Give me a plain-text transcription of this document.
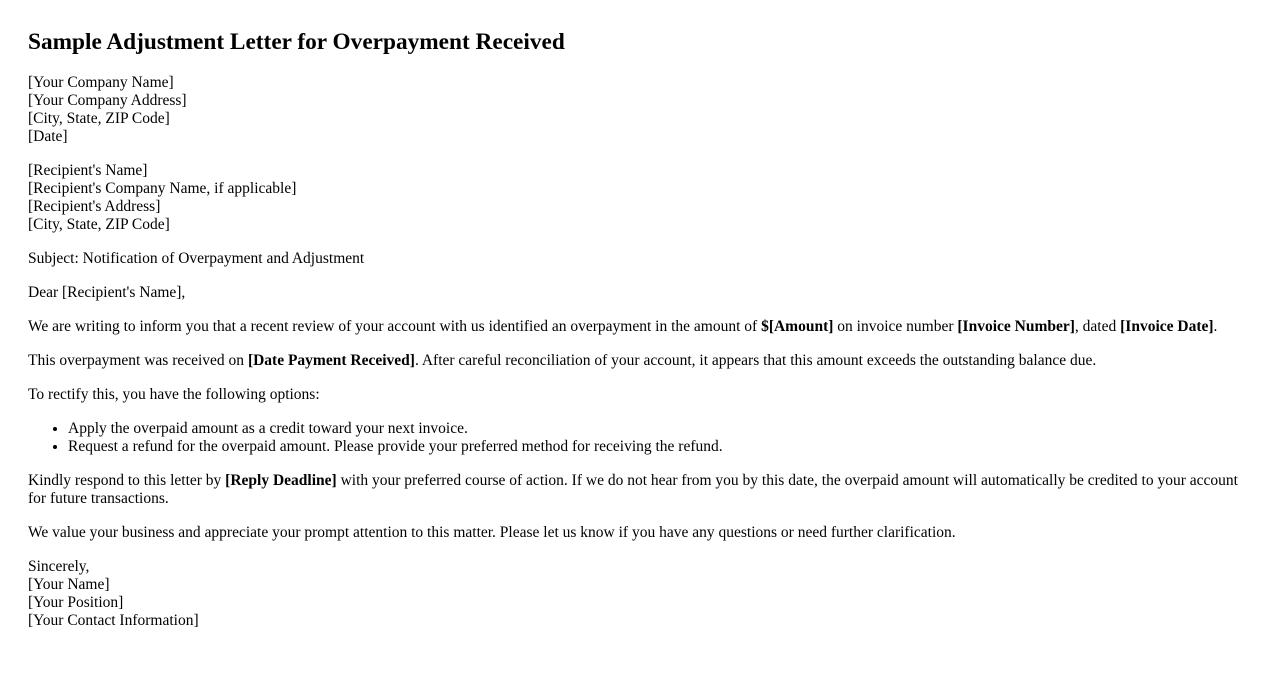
Sample Adjustment Letter for Overpayment Received
[Your Company Name]
[Your Company Address]
[City, State, ZIP Code]
[Date]
[Recipient's Name]
[Recipient's Company Name, if applicable]
[Recipient's Address]
[City, State, ZIP Code]

Subject: Notification of Overpayment and Adjustment

Dear [Recipient's Name],

We are writing to inform you that a recent review of your account with us identified an overpayment in the amount of $[Amount] on invoice number [Invoice Number], dated [Invoice Date].

This overpayment was received on [Date Payment Received]. After careful reconciliation of your account, it appears that this amount exceeds the outstanding balance due.

To rectify this, you have the following options:

• Apply the overpaid amount as a credit toward your next invoice.
• Request a refund for the overpaid amount. Please provide your preferred method for receiving the refund.

Kindly respond to this letter by [Reply Deadline] with your preferred course of action. If we do not hear from you by this date, the overpaid amount will automatically be credited to your account for future transactions.

We value your business and appreciate your prompt attention to this matter. Please let us know if you have any questions or need further clarification.

Sincerely,
[Your Name]
[Your Position]
[Your Contact Information]
